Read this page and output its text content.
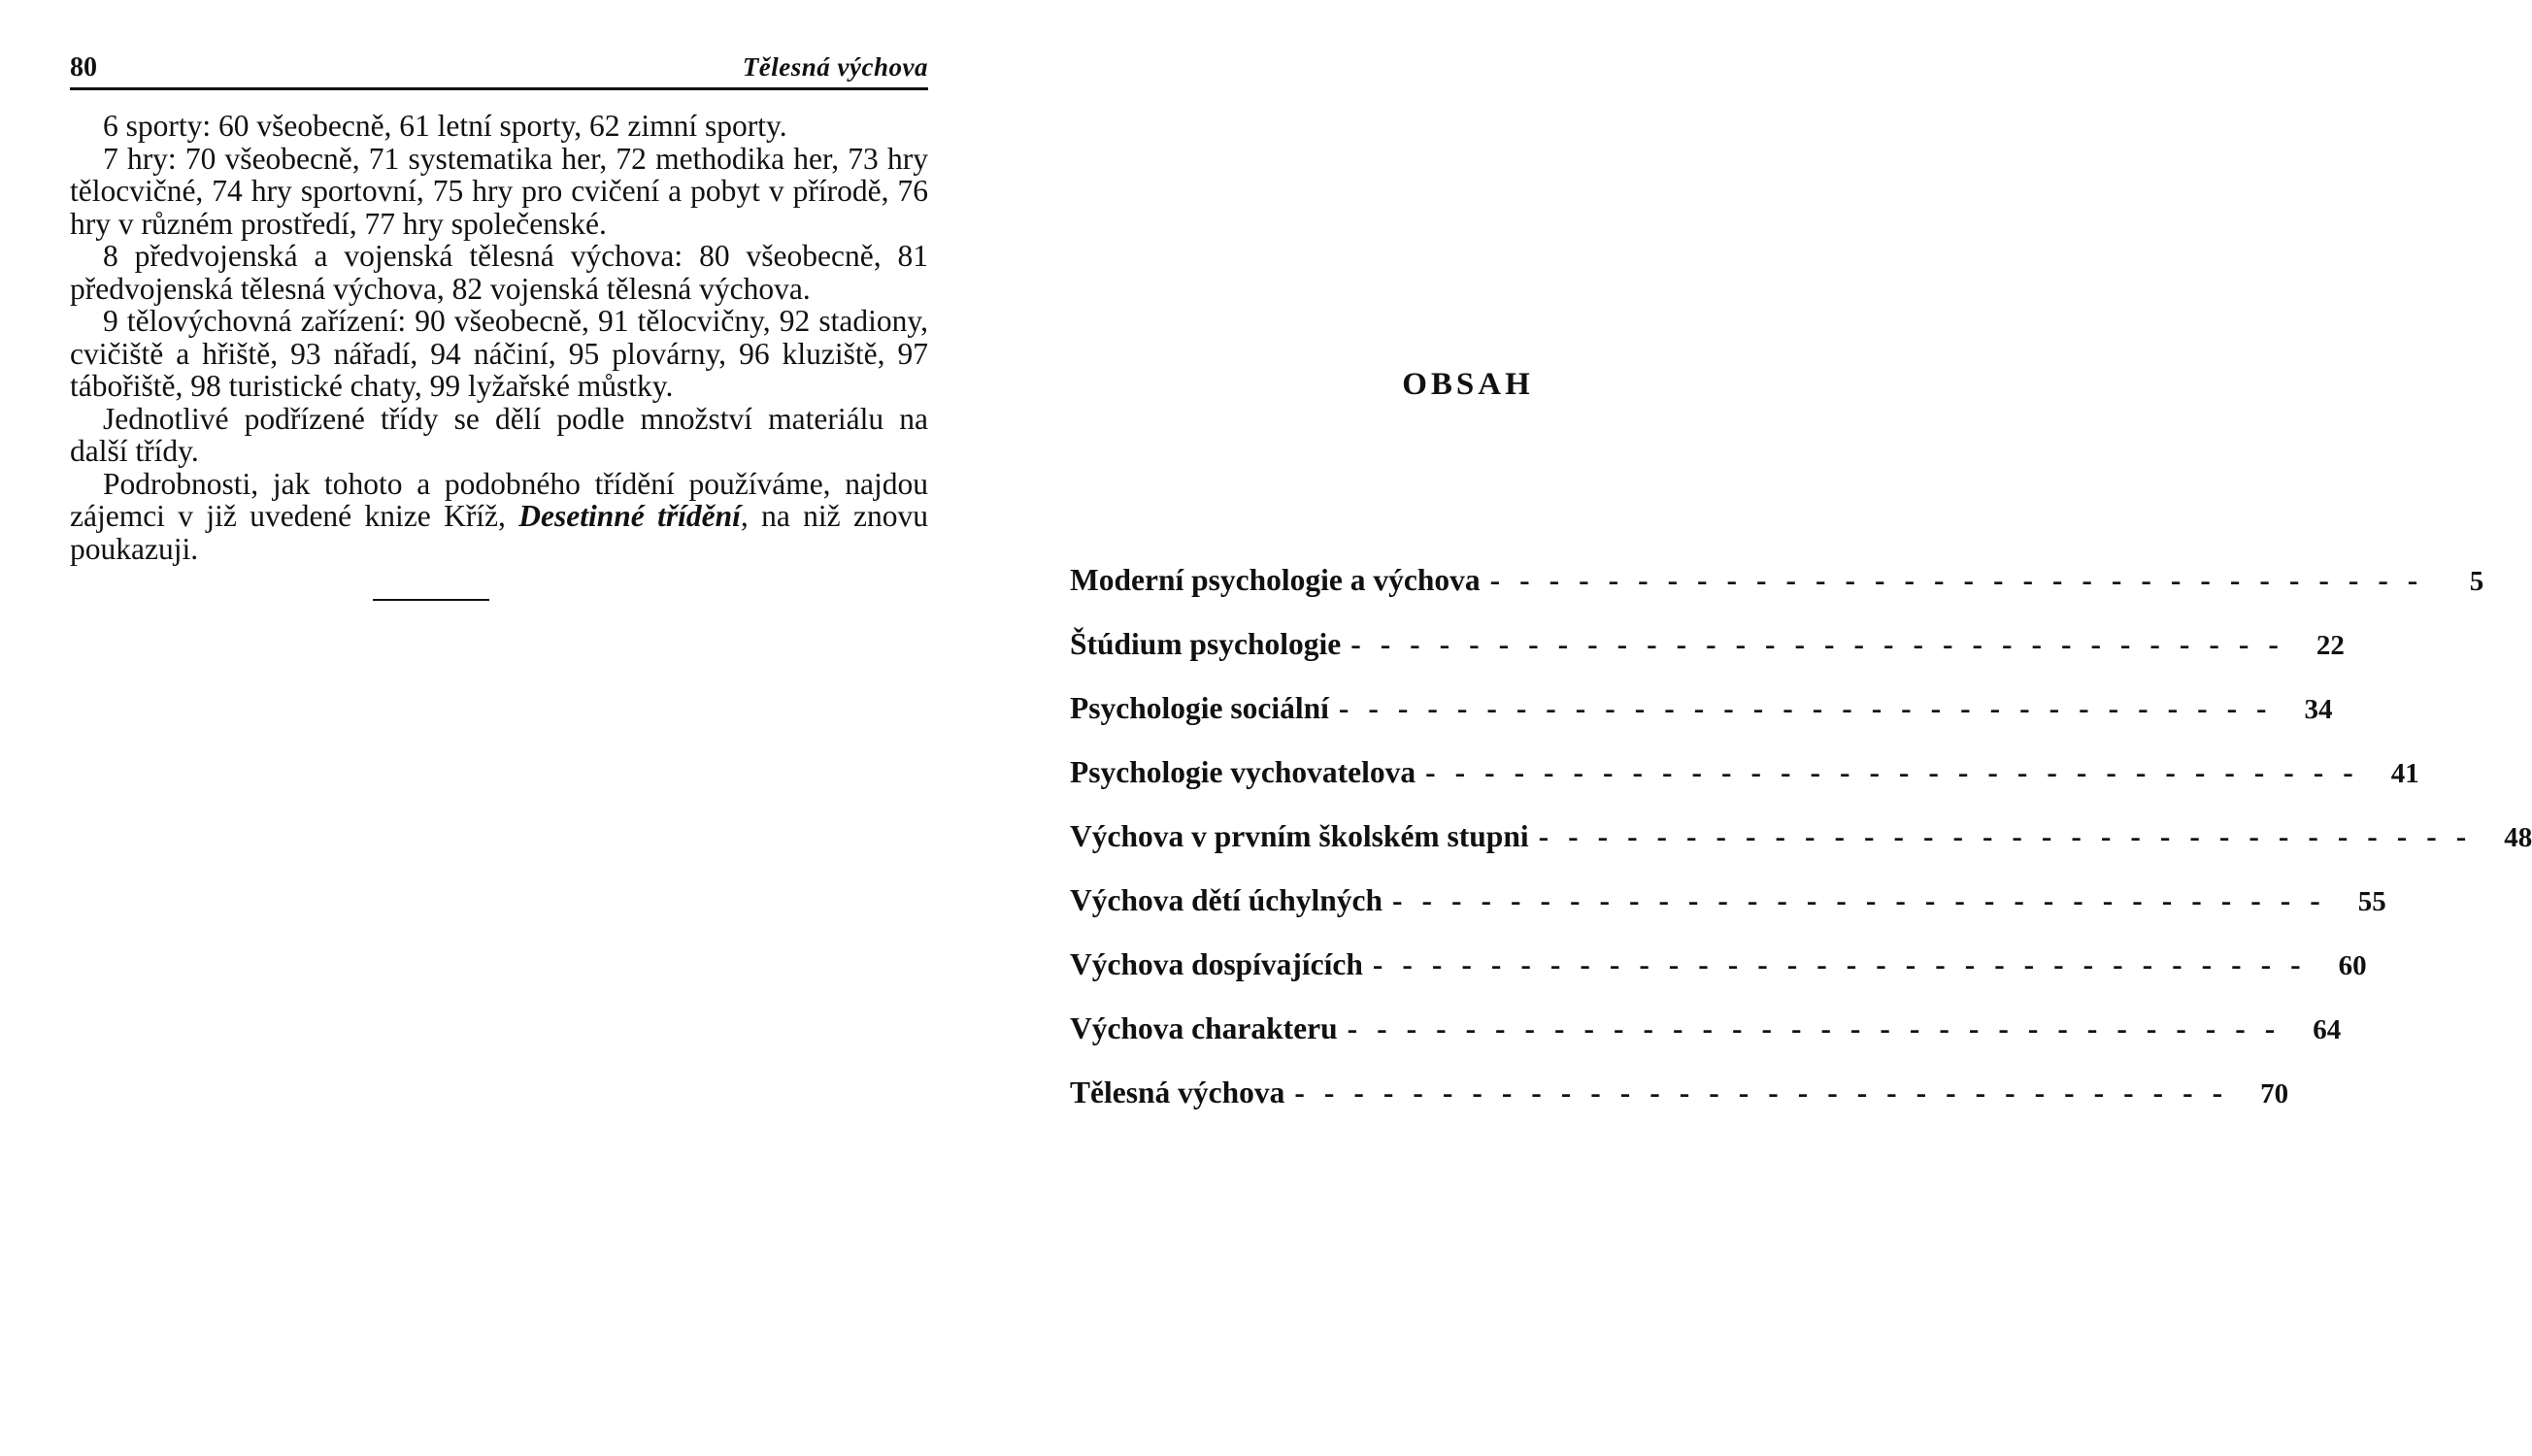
80	Tělesná výchova

6 sporty: 60 všeobecně, 61 letní sporty, 62 zimní sporty.

7 hry: 70 všeobecně, 71 systematika her, 72 methodika her, 73 hry tělocvičné, 74 hry sportovní, 75 hry pro cvičení a pobyt v přírodě, 76 hry v různém prostředí, 77 hry společenské.

8 předvojenská a vojenská tělesná výchova: 80 všeobecně, 81 předvojenská tělesná výchova, 82 vojenská tělesná výchova.

9 tělovýchovná zařízení: 90 všeobecně, 91 tělocvičny, 92 stadiony, cvičiště a hřiště, 93 nářadí, 94 náčiní, 95 plovárny, 96 kluziště, 97 tábořiště, 98 turistické chaty, 99 lyžařské můstky.

Jednotlivé podřízené třídy se dělí podle množství materiálu na další třídy.

Podrobnosti, jak tohoto a podobného třídění používáme, najdou zájemci v již uvedené knize Kříž, Desetinné třídění, na niž znovu poukazuji.

OBSAH
Moderní psychologie a výchova --------------------------------	5
Štúdium psychologie -------------------------------- 22
Psychologie sociální -------------------------------- 34
Psychologie vychovatelova -------------------------------- 41
Výchova v prvním školském stupni -------------------------------- 48
Výchova dětí úchylných -------------------------------- 55
Výchova dospívajících -------------------------------- 60
Výchova charakteru -------------------------------- 64
Tělesná výchova -------------------------------- 70
